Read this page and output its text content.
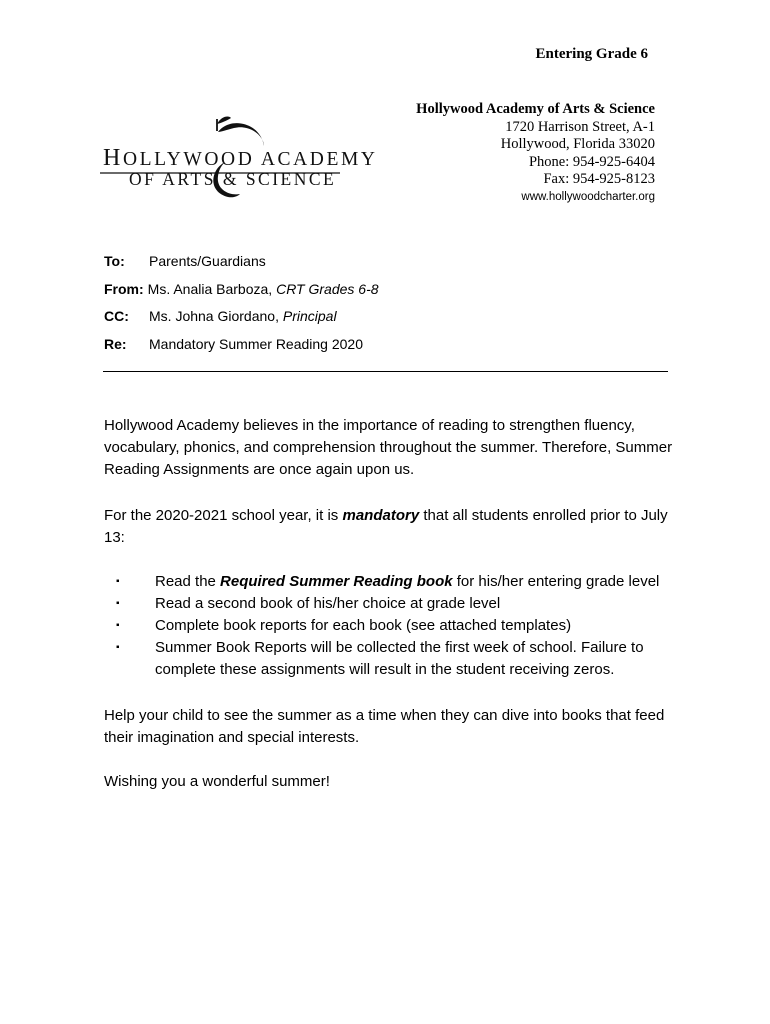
Entering Grade 6
Hollywood Academy of Arts & Science
1720 Harrison Street, A-1
Hollywood, Florida 33020
Phone: 954-925-6404
Fax: 954-925-8123
www.hollywoodcharter.org
HOLLYWOOD ACADEMY
OF ARTS & SCIENCE
To: Parents/Guardians
From: Ms. Analia Barboza, CRT Grades 6-8
CC: Ms. Johna Giordano, Principal
Re: Mandatory Summer Reading 2020
Hollywood Academy believes in the importance of reading to strengthen fluency, vocabulary, phonics, and comprehension throughout the summer. Therefore, Summer Reading Assignments are once again upon us.
For the 2020-2021 school year, it is mandatory that all students enrolled prior to July 13:
▪ Read the Required Summer Reading book for his/her entering grade level
▪ Read a second book of his/her choice at grade level
▪ Complete book reports for each book (see attached templates)
▪ Summer Book Reports will be collected the first week of school. Failure to complete these assignments will result in the student receiving zeros.
Help your child to see the summer as a time when they can dive into books that feed their imagination and special interests.
Wishing you a wonderful summer!
